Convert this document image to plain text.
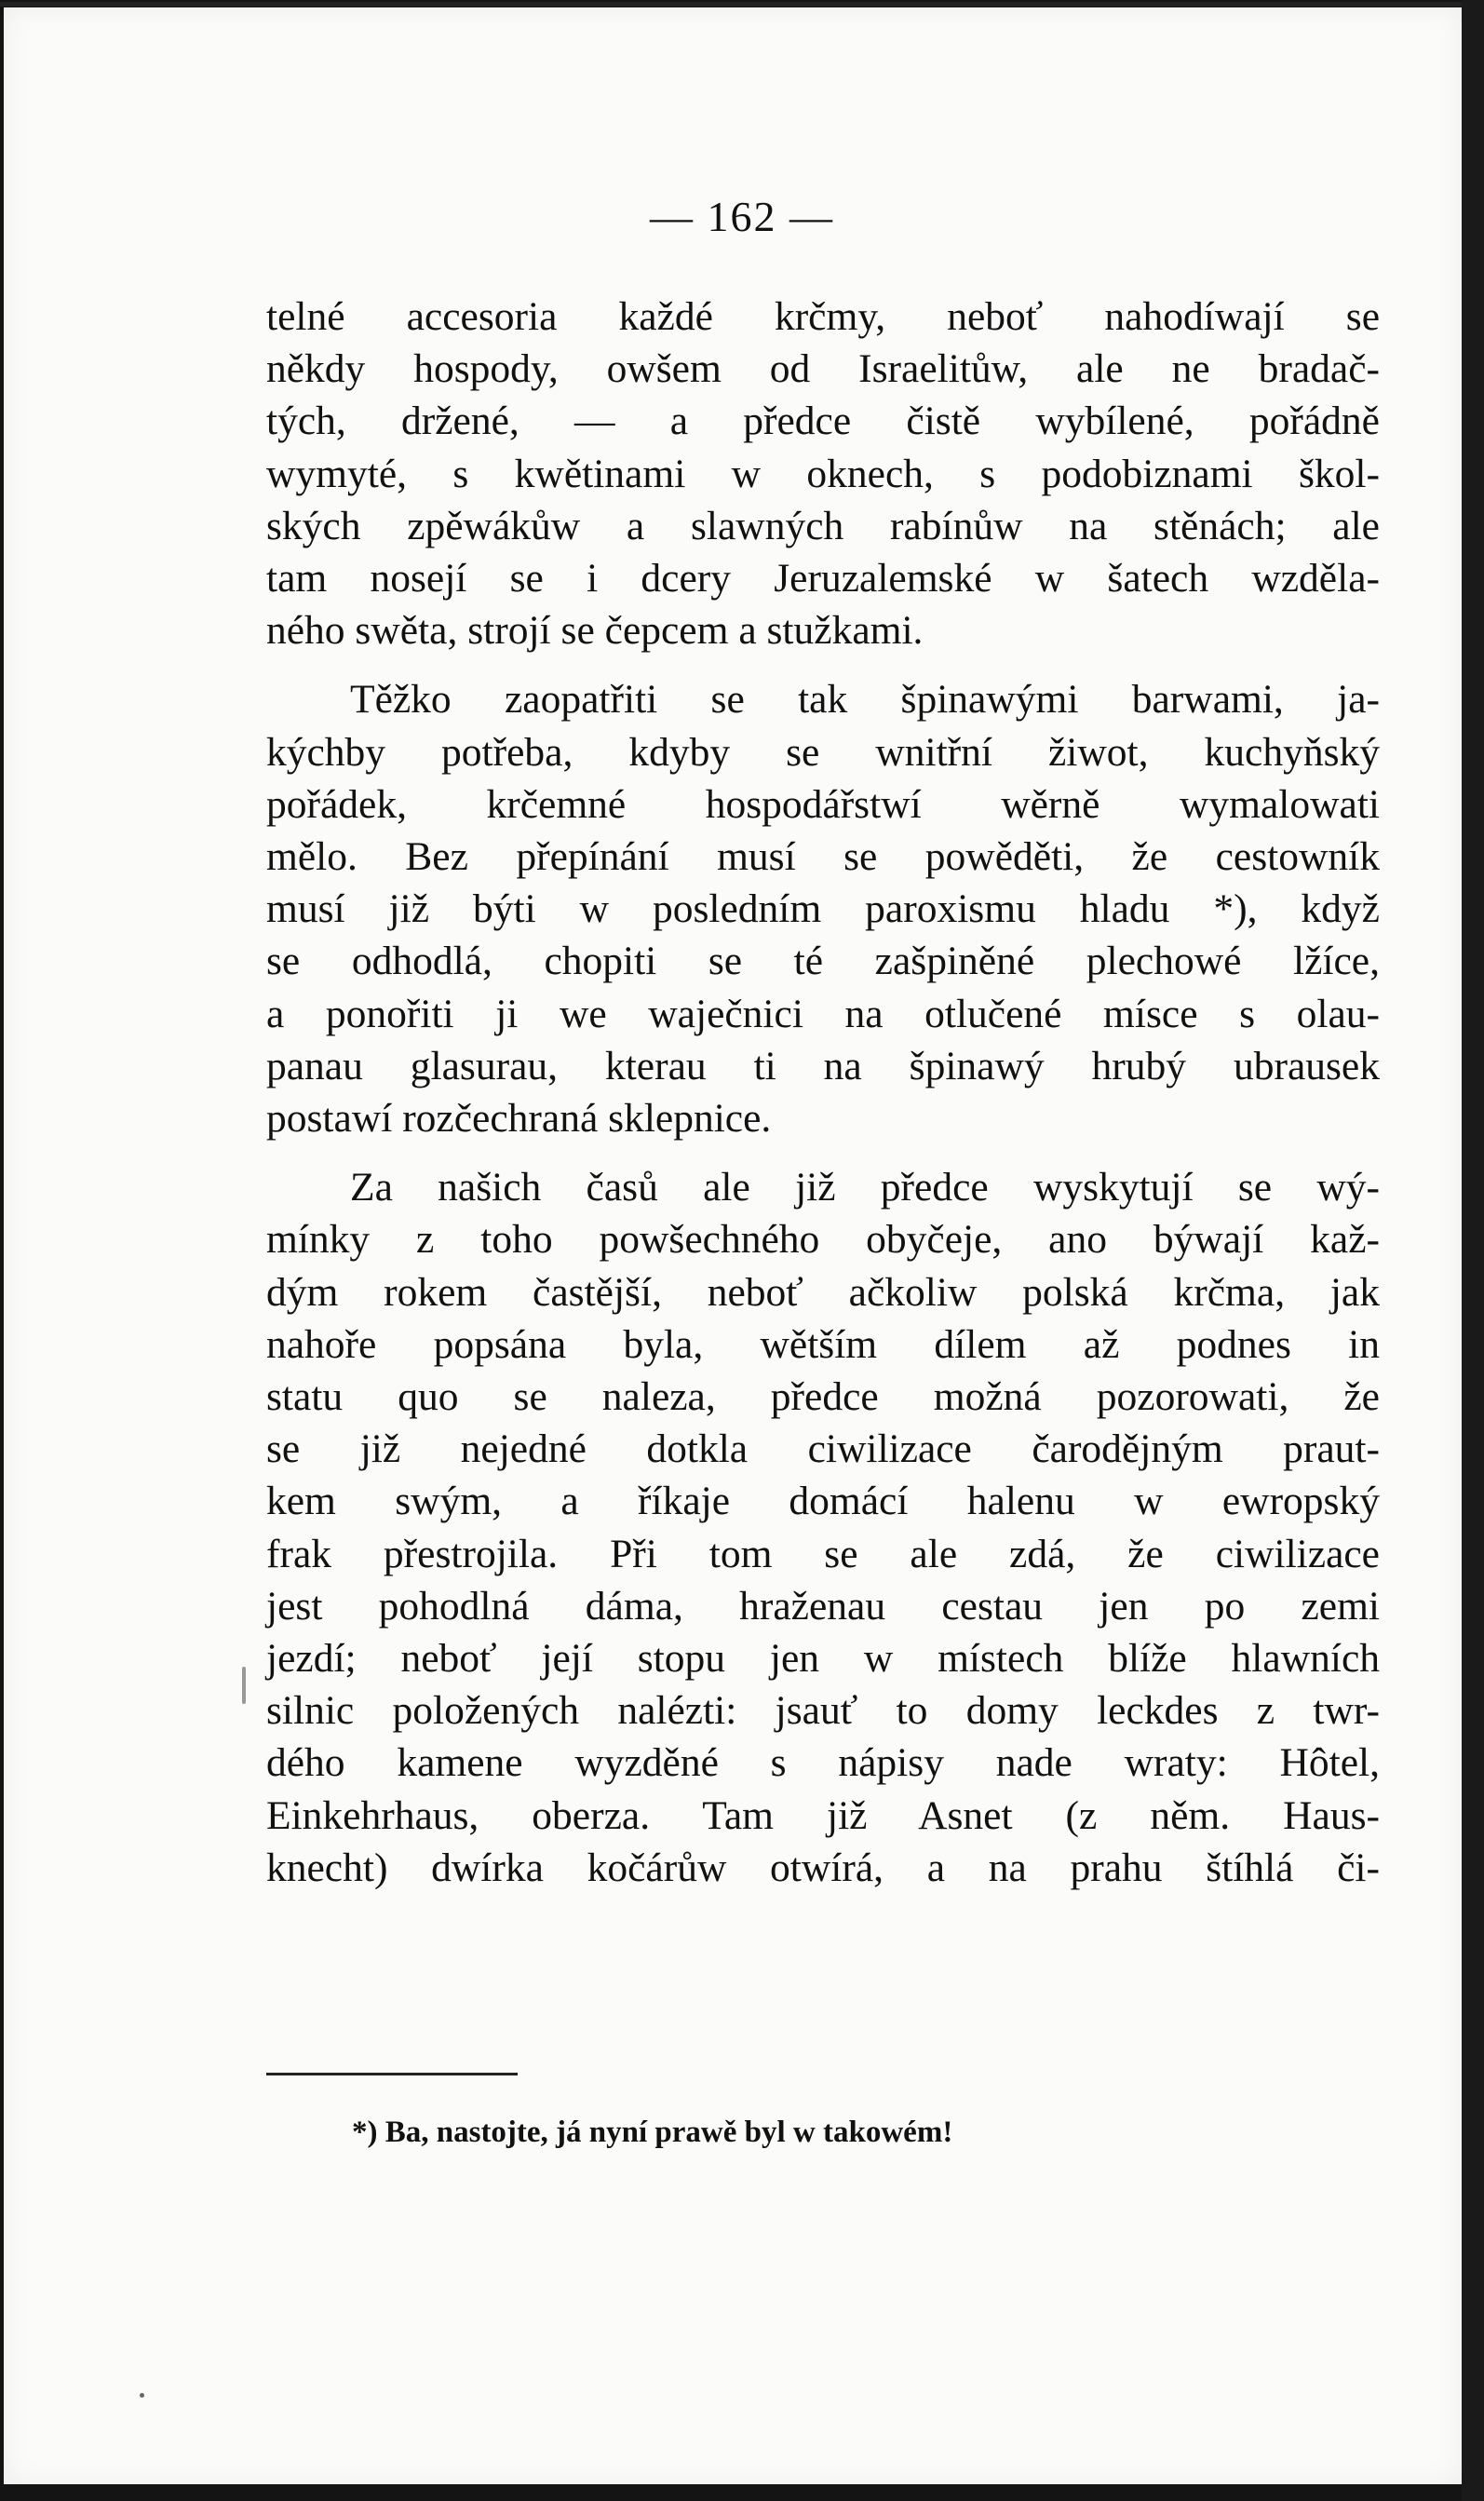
— 162 —
telné accesoria každé krčmy, neboť nahodíwají se
někdy hospody, owšem od Israelitůw, ale ne bradač-
tých, držené, — a předce čistě wybílené, pořádně
wymyté, s kwětinami w oknech, s podobiznami škol-
ských zpěwákůw a slawných rabínůw na stěnách; ale
tam nosejí se i dcery Jeruzalemské w šatech wzděla-
ného swěta, strojí se čepcem a stužkami.
Těžko zaopatřiti se tak špinawými barwami, ja-
kýchby potřeba, kdyby se wnitřní žiwot, kuchyňský
pořádek, krčemné hospodářstwí wěrně wymalowati
mělo. Bez přepínání musí se powěděti, že cestowník
musí již býti w posledním paroxismu hladu *), když
se odhodlá, chopiti se té zašpiněné plechowé lžíce,
a ponořiti ji we waječnici na otlučené mísce s olau-
panau glasurau, kterau ti na špinawý hrubý ubrausek
postawí rozčechraná sklepnice.
Za našich časů ale již předce wyskytují se wý-
mínky z toho powšechného obyčeje, ano býwají kaž-
dým rokem častější, neboť ačkoliw polská krčma, jak
nahoře popsána byla, wětším dílem až podnes in
statu quo se naleza, předce možná pozorowati, že
se již nejedné dotkla ciwilizace čarodějným praut-
kem swým, a říkaje domácí halenu w ewropský
frak přestrojila. Při tom se ale zdá, že ciwilizace
jest pohodlná dáma, hraženau cestau jen po zemi
jezdí; neboť její stopu jen w místech blíže hlawních
silnic položených nalézti: jsauť to domy leckdes z twr-
dého kamene wyzděné s nápisy nade wraty: Hôtel,
Einkehrhaus, oberza. Tam již Asnet (z něm. Haus-
knecht) dwírka kočárůw otwírá, a na prahu štíhlá či-
*) Ba, nastojte, já nyní prawě byl w takowém!
